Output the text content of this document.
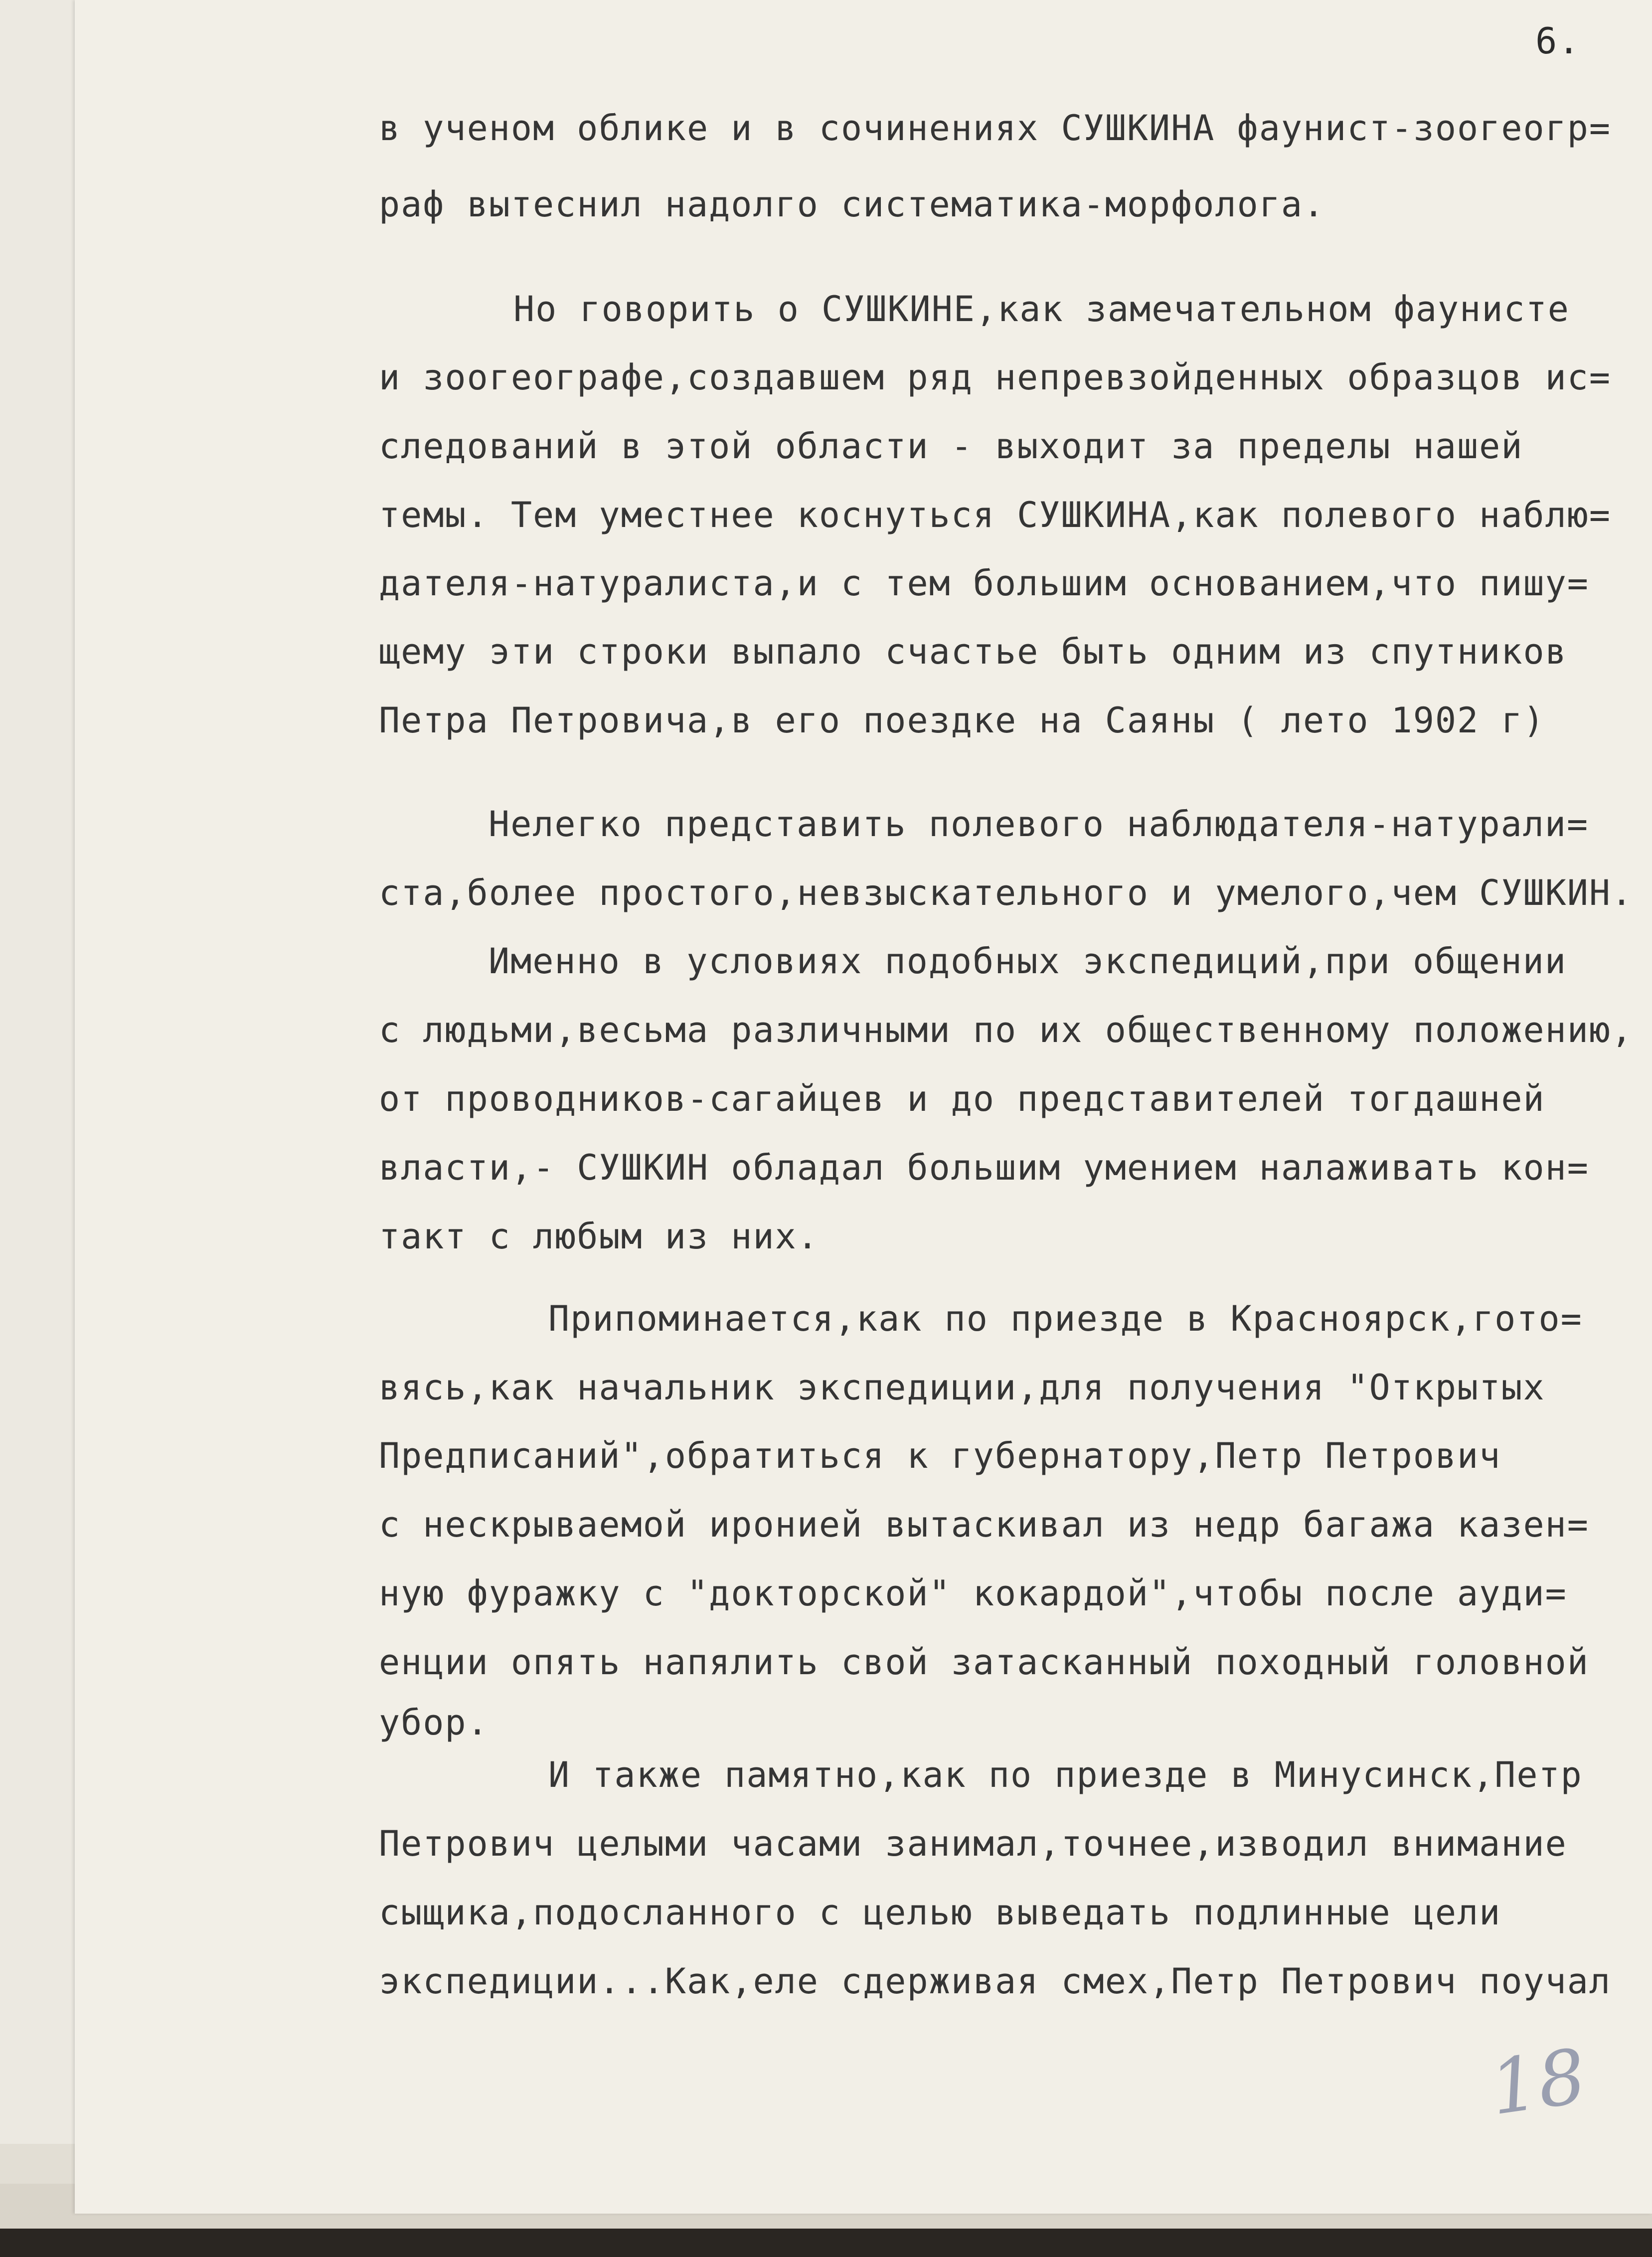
6.
в ученом облике и в сочинениях СУШКИНА фаунист-зоогеогр=
раф вытеснил надолго систематика-морфолога.
Но говорить о СУШКИНЕ,как замечательном фаунисте
и зоогеографе,создавшем ряд непревзойденных образцов ис=
следований в этой области - выходит за пределы нашей
темы. Тем уместнее коснуться СУШКИНА,как полевого наблю=
дателя-натуралиста,и с тем большим основанием,что пишу=
щему эти строки выпало счастье быть одним из спутников
Петра Петровича,в его поездке на Саяны ( лето 1902 г)
Нелегко представить полевого наблюдателя-натурали=
ста,более простого,невзыскательного и умелого,чем СУШКИН.
Именно в условиях подобных экспедиций,при общении
с людьми,весьма различными по их общественному положению,
от проводников-сагайцев и до представителей тогдашней
власти,- СУШКИН обладал большим умением налаживать кон=
такт с любым из них.
Припоминается,как по приезде в Красноярск,гото=
вясь,как начальник экспедиции,для получения "Открытых
Предписаний",обратиться к губернатору,Петр Петрович
с нескрываемой иронией вытаскивал из недр багажа казен=
ную фуражку с "докторской" кокардой",чтобы после ауди=
енции опять напялить свой затасканный походный головной
убор.
И также памятно,как по приезде в Минусинск,Петр
Петрович целыми часами занимал,точнее,изводил внимание
сыщика,подосланного с целью выведать подлинные цели
экспедиции...Как,еле сдерживая смех,Петр Петрович поучал
18
